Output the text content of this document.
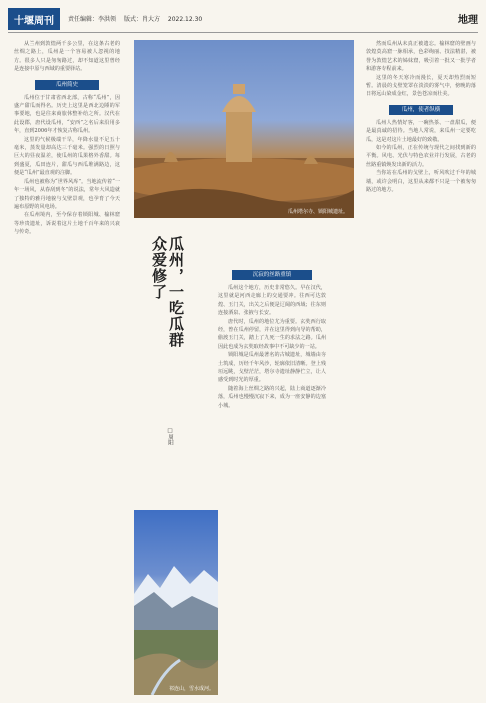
十堰周刊	责任编辑：李洪领 版式：肖大方 2022.12.30	地理

从兰州到敦煌两千多公里，在这条古老的丝绸之路上，瓜州是一个容易被人忽视的地方。很多人只是匆匆路过，却不知道这里曾经是连接中原与西域的重要驿站。

瓜州简史

瓜州位于甘肃省西北部，古称“瓜州”，因盛产甜瓜而得名。历史上这里是西北边陲的军事要地，也是往来商旅休整补给之所。汉代在此设郡，唐代设瓜州，“安西”之名后来沿用多年，直到2006年才恢复古称瓜州。

这里的气候极端干旱，年降水量不足五十毫米，蒸发量却高达三千毫米。强烈的日照与巨大的昼夜温差，使瓜州的瓜果格外香甜。每到盛夏，瓜田连片，甜瓜与西瓜堆满路边，这便是“瓜州”最直观的注脚。

瓜州也被称为“世界风库”。当地流传着“一年一场风，从春刮到冬”的说法，常年大风造就了独特的雅丹地貌与戈壁景观，也孕育了今天遍布原野的风电场。

在瓜州境内，至今保存着锁阳城、榆林窟等珍贵遗址，诉说着这片土地千百年来的兴衰与传奇。

瓜州塔尔寺、锁阳城遗址。
瓜州，一吃瓜群众爱修了
□周阳
沉寂的丝路重镇

瓜州这个地方，历史非常悠久。早在汉代，这里就是河西走廊上的交通要冲。往西可达敦煌、玉门关，出关之后便是辽阔的西域；往东则连接酒泉、张掖与长安。

唐代时，瓜州的地位尤为重要。玄奘西行取经，曾在瓜州停留，并在这里得到向导的帮助，偷渡玉门关，踏上了九死一生的求法之路。瓜州因此也成为玄奘取经故事中不可缺少的一站。

锁阳城是瓜州最著名的古城遗址，城墙由夯土筑成，历经千年风沙，轮廓依旧清晰。登上残垣远眺，戈壁茫茫，塔尔寺遗址静静伫立，让人感受到时光的厚重。

随着海上丝绸之路的兴起，陆上商道逐渐冷落，瓜州也慢慢沉寂下来，成为一座安静的边塞小城。

祁连山，雪水成河。

然而瓜州从未真正被遗忘。榆林窟的壁画与敦煌莫高窟一脉相承，色彩绚丽、技法精湛，被誉为敦煌艺术的姊妹窟，吸引着一批又一批学者和游客专程前来。

这里的冬天寒冷而漫长，夏天却热烈而短暂。清晨的戈壁笼罩在淡淡的雾气中，傍晚的落日将远山染成金红，景色苍凉而壮美。

瓜州，使者纵横

瓜州人热情好客，一碗热茶、一盘甜瓜，便是最真诚的招待。当地人常说，来瓜州一定要吃瓜，这是对这片土地最好的致敬。

如今的瓜州，正在传统与现代之间找到新的平衡。风电、光伏与特色农业并行发展，古老的丝路重镇焕发出新的活力。

当你站在瓜州的戈壁上，听风吹过千年的城墙，或许会明白，这里从来都不只是一个被匆匆路过的地方。
